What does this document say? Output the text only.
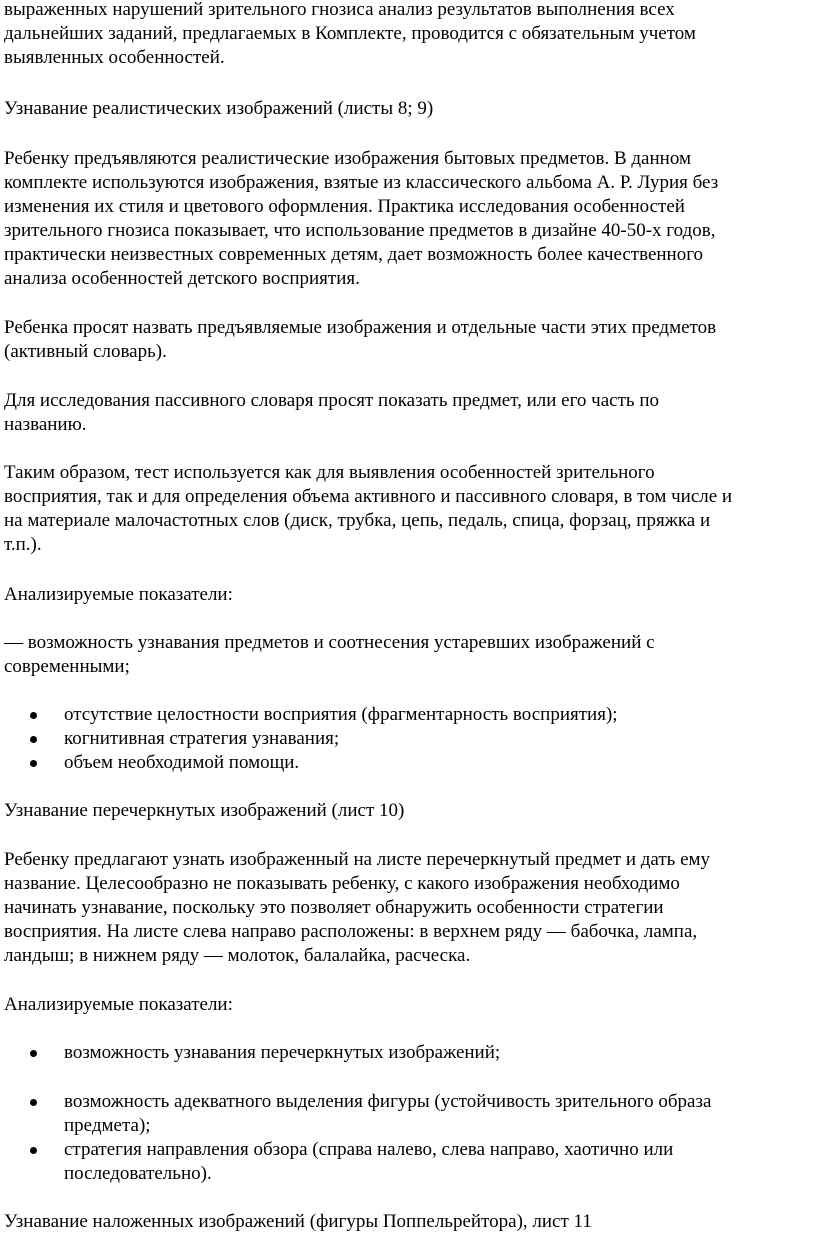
выраженных нарушений зрительного гнозиса анализ результатов выполнения всех
дальнейших заданий, предлагаемых в Комплекте, проводится с обязательным учетом
выявленных особенностей.
Узнавание реалистических изображений (листы 8; 9)
Ребенку предъявляются реалистические изображения бытовых предметов. В данном
комплекте используются изображения, взятые из классического альбома А. Р. Лурия без
изменения их стиля и цветового оформления. Практика исследования особенностей
зрительного гнозиса показывает, что использование предметов в дизайне 40-50-х годов,
практически неизвестных современных детям, дает возможность более качественного
анализа особенностей детского восприятия.
Ребенка просят назвать предъявляемые изображения и отдельные части этих предметов
(активный словарь).
Для исследования пассивного словаря просят показать предмет, или его часть по
названию.
Таким образом, тест используется как для выявления особенностей зрительного
восприятия, так и для определения объема активного и пассивного словаря, в том числе и
на материале малочастотных слов (диск, трубка, цепь, педаль, спица, форзац, пряжка и
т.п.).
Анализируемые показатели:
— возможность узнавания предметов и соотнесения устаревших изображений с
современными;
отсутствие целостности восприятия (фрагментарность восприятия);
когнитивная стратегия узнавания;
объем необходимой помощи.
Узнавание перечеркнутых изображений (лист 10)
Ребенку предлагают узнать изображенный на листе перечеркнутый предмет и дать ему
название. Целесообразно не показывать ребенку, с какого изображения необходимо
начинать узнавание, поскольку это позволяет обнаружить особенности стратегии
восприятия. На листе слева направо расположены: в верхнем ряду — бабочка, лампа,
ландыш; в нижнем ряду — молоток, балалайка, расческа.
Анализируемые показатели:
возможность узнавания перечеркнутых изображений;
возможность адекватного выделения фигуры (устойчивость зрительного образа
предмета);
стратегия направления обзора (справа налево, слева направо, хаотично или
последовательно).
Узнавание наложенных изображений (фигуры Поппельрейтора), лист 11
